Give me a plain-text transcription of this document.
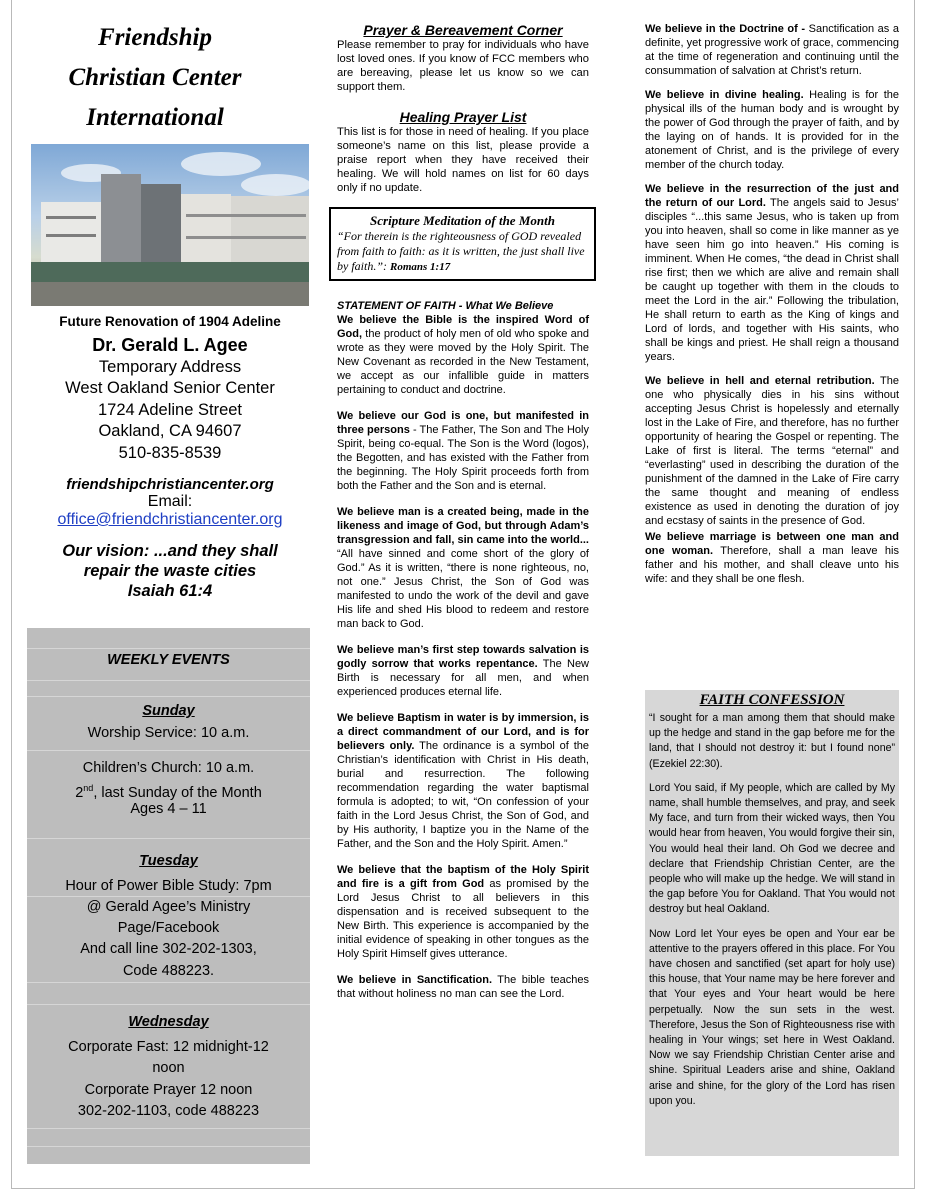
Friendship
Christian Center
International
Future Renovation of 1904 Adeline
Dr. Gerald L. Agee
Temporary Address
West Oakland Senior Center
1724 Adeline Street
Oakland, CA 94607
510-835-8539
friendshipchristiancenter.org
Email:
office@friendchristiancenter.org
Our vision: ...and they shall
repair the waste cities
Isaiah 61:4
WEEKLY EVENTS
Sunday
Worship Service: 10 a.m.
Children’s Church: 10 a.m.
2nd, last Sunday of the Month
Ages 4 – 11
Tuesday
Hour of Power Bible Study: 7pm
@ Gerald Agee’s Ministry
Page/Facebook
And call line 302-202-1303,
Code 488223.
Wednesday
Corporate Fast: 12 midnight-12
noon
Corporate Prayer 12 noon
302-202-1103, code 488223
Prayer & Bereavement Corner
Please remember to pray for individuals who have lost loved ones. If you know of FCC members who are bereaving, please let us know so we can support them.
Healing Prayer List
This list is for those in need of healing. If you place someone’s name on this list, please provide a praise report when they have received their healing. We will hold names on list for 60 days only if no update.
Scripture Meditation of the Month
“For therein is the righteousness of GOD revealed from faith to faith: as it is written, the just shall live by faith.”: Romans 1:17
STATEMENT OF FAITH - What We Believe
We believe the Bible is the inspired Word of God, the product of holy men of old who spoke and wrote as they were moved by the Holy Spirit. The New Covenant as recorded in the New Testament, we accept as our infallible guide in matters pertaining to conduct and doctrine.
We believe our God is one, but manifested in three persons - The Father, The Son and The Holy Spirit, being co-equal. The Son is the Word (logos), the Begotten, and has existed with the Father from the beginning. The Holy Spirit proceeds forth from both the Father and the Son and is eternal.
We believe man is a created being, made in the likeness and image of God, but through Adam’s transgression and fall, sin came into the world... “All have sinned and come short of the glory of God.” As it is written, “there is none righteous, no, not one.” Jesus Christ, the Son of God was manifested to undo the work of the devil and gave His life and shed His blood to redeem and restore man back to God.
We believe man’s first step towards salvation is godly sorrow that works repentance. The New Birth is necessary for all men, and when experienced produces eternal life.
We believe Baptism in water is by immersion, is a direct commandment of our Lord, and is for believers only. The ordinance is a symbol of the Christian’s identification with Christ in His death, burial and resurrection. The following recommendation regarding the water baptismal formula is adopted; to wit, “On confession of your faith in the Lord Jesus Christ, the Son of God, and by His authority, I baptize you in the Name of the Father, and the Son and the Holy Spirit. Amen.”
We believe that the baptism of the Holy Spirit and fire is a gift from God as promised by the Lord Jesus Christ to all believers in this dispensation and is received subsequent to the New Birth. This experience is accompanied by the initial evidence of speaking in other tongues as the Holy Spirit Himself gives utterance.
We believe in Sanctification. The bible teaches that without holiness no man can see the Lord.
We believe in the Doctrine of - Sanctification as a definite, yet progressive work of grace, commencing at the time of regeneration and continuing until the consummation of salvation at Christ’s return.
We believe in divine healing. Healing is for the physical ills of the human body and is wrought by the power of God through the prayer of faith, and by the laying on of hands. It is provided for in the atonement of Christ, and is the privilege of every member of the church today.
We believe in the resurrection of the just and the return of our Lord. The angels said to Jesus’ disciples “...this same Jesus, who is taken up from you into heaven, shall so come in like manner as ye have seen him go into heaven.” His coming is imminent. When He comes, “the dead in Christ shall rise first; then we which are alive and remain shall be caught up together with them in the clouds to meet the Lord in the air.” Following the tribulation, He shall return to earth as the King of kings and Lord of lords, and together with His saints, who shall be kings and priest. He shall reign a thousand years.
We believe in hell and eternal retribution. The one who physically dies in his sins without accepting Jesus Christ is hopelessly and eternally lost in the Lake of Fire, and therefore, has no further opportunity of hearing the Gospel or repenting. The Lake of first is literal. The terms “eternal” and “everlasting” used in describing the duration of the punishment of the damned in the Lake of Fire carry the same thought and meaning of endless existence as used in denoting the duration of joy and ecstasy of saints in the presence of God.
We believe marriage is between one man and one woman. Therefore, shall a man leave his father and his mother, and shall cleave unto his wife: and they shall be one flesh.
FAITH CONFESSION
“I sought for a man among them that should make up the hedge and stand in the gap before me for the land, that I should not destroy it: but I found none” (Ezekiel 22:30).
Lord You said, if My people, which are called by My name, shall humble themselves, and pray, and seek My face, and turn from their wicked ways, then You would hear from heaven, You would forgive their sin, You would heal their land. Oh God we decree and declare that Friendship Christian Center, are the people who will make up the hedge. We will stand in the gap before You for Oakland. That You would not destroy but heal Oakland.
Now Lord let Your eyes be open and Your ear be attentive to the prayers offered in this place. For You have chosen and sanctified (set apart for holy use) this house, that Your name may be here forever and that Your eyes and Your heart would be here perpetually. Now the sun sets in the west. Therefore, Jesus the Son of Righteousness rise with healing in Your wings; set here in West Oakland. Now we say Friendship Christian Center arise and shine. Spiritual Leaders arise and shine, Oakland arise and shine, for the glory of the Lord has risen upon you.
